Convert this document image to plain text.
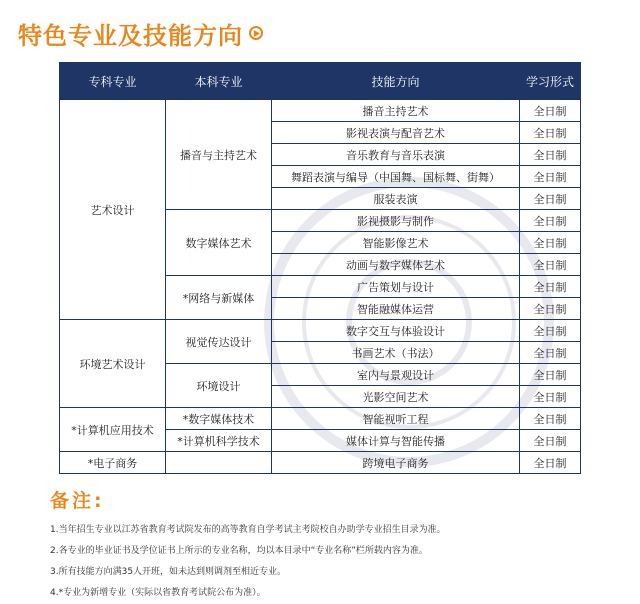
特色专业及技能方向
专科专业	本科专业	技能方向	学习形式
艺术设计	播音与主持艺术	播音主持艺术	全日制
		影视表演与配音艺术	全日制
		音乐教育与音乐表演	全日制
		舞蹈表演与编导（中国舞、国标舞、街舞）	全日制
		服装表演	全日制
	数字媒体艺术	影视摄影与制作	全日制
		智能影像艺术	全日制
		动画与数字媒体艺术	全日制
	*网络与新媒体	广告策划与设计	全日制
		智能融媒体运营	全日制
环境艺术设计	视觉传达设计	数字交互与体验设计	全日制
		书画艺术（书法）	全日制
	环境设计	室内与景观设计	全日制
		光影空间艺术	全日制
*计算机应用技术	*数字媒体技术	智能视听工程	全日制
	*计算机科学技术	媒体计算与智能传播	全日制
*电子商务		跨境电子商务	全日制
备注:
1.当年招生专业以江苏省教育考试院发布的高等教育自学考试主考院校自办助学专业招生目录为准。
2.各专业的毕业证书及学位证书上所示的专业名称，均以本目录中“专业名称”栏所载内容为准。
3.所有技能方向满35人开班，如未达到则调剂至相近专业。
4.*专业为新增专业（实际以省教育考试院公布为准）。
